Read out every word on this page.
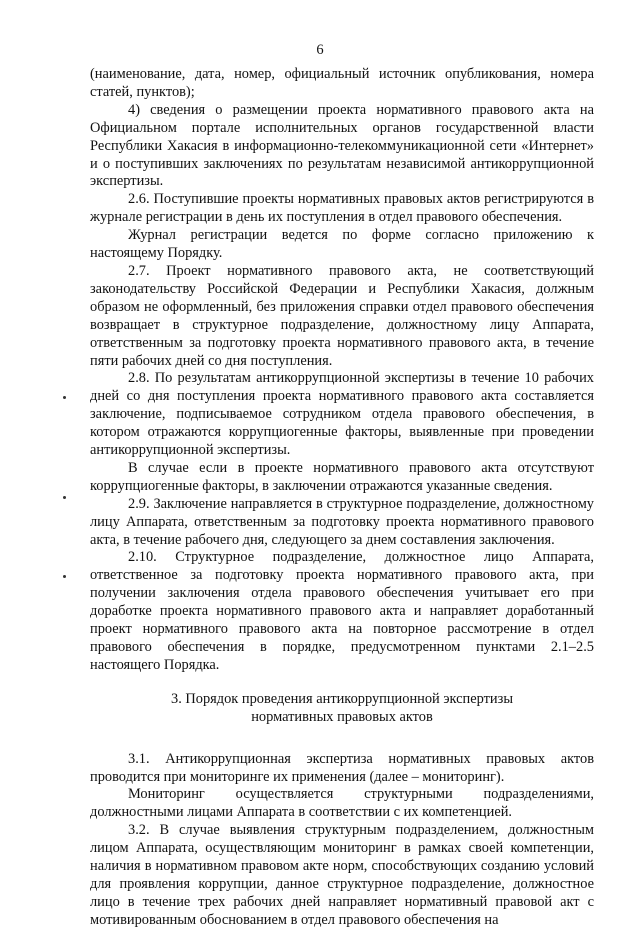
6

(наименование, дата, номер, официальный источник опубликования, номера статей, пунктов);

4) сведения о размещении проекта нормативного правового акта на Официальном портале исполнительных органов государственной власти Республики Хакасия в информационно-телекоммуникационной сети «Интернет» и о поступивших заключениях по результатам независимой антикоррупционной экспертизы.

2.6. Поступившие проекты нормативных правовых актов регистрируются в журнале регистрации в день их поступления в отдел правового обеспечения.

Журнал регистрации ведется по форме согласно приложению к настоящему Порядку.

2.7. Проект нормативного правового акта, не соответствующий законодательству Российской Федерации и Республики Хакасия, должным образом не оформленный, без приложения справки отдел правового обеспечения возвращает в структурное подразделение, должностному лицу Аппарата, ответственным за подготовку проекта нормативного правового акта, в течение пяти рабочих дней со дня поступления.

2.8. По результатам антикоррупционной экспертизы в течение 10 рабочих дней со дня поступления проекта нормативного правового акта составляется заключение, подписываемое сотрудником отдела правового обеспечения, в котором отражаются коррупциогенные факторы, выявленные при проведении антикоррупционной экспертизы.

В случае если в проекте нормативного правового акта отсутствуют коррупциогенные факторы, в заключении отражаются указанные сведения.

2.9. Заключение направляется в структурное подразделение, должностному лицу Аппарата, ответственным за подготовку проекта нормативного правового акта, в течение рабочего дня, следующего за днем составления заключения.

2.10. Структурное подразделение, должностное лицо Аппарата, ответственное за подготовку проекта нормативного правового акта, при получении заключения отдела правового обеспечения учитывает его при доработке проекта нормативного правового акта и направляет доработанный проект нормативного правового акта на повторное рассмотрение в отдел правового обеспечения в порядке, предусмотренном пунктами 2.1–2.5 настоящего Порядка.

3. Порядок проведения антикоррупционной экспертизы
нормативных правовых актов

3.1. Антикоррупционная экспертиза нормативных правовых актов проводится при мониторинге их применения (далее – мониторинг).

Мониторинг осуществляется структурными подразделениями, должностными лицами Аппарата в соответствии с их компетенцией.

3.2. В случае выявления структурным подразделением, должностным лицом Аппарата, осуществляющим мониторинг в рамках своей компетенции, наличия в нормативном правовом акте норм, способствующих созданию условий для проявления коррупции, данное структурное подразделение, должностное лицо в течение трех рабочих дней направляет нормативный правовой акт с мотивированным обоснованием в отдел правового обеспечения на
